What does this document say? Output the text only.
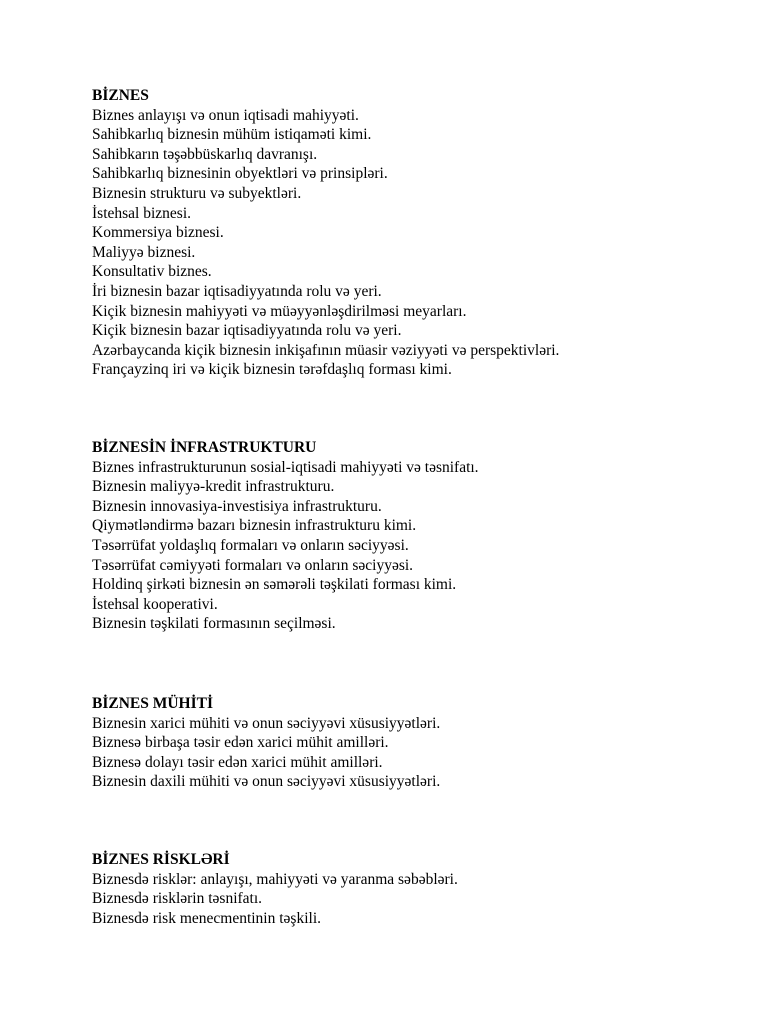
BİZNES
Biznes anlayışı və onun iqtisadi mahiyyəti.
Sahibkarlıq biznesin mühüm istiqaməti kimi.
Sahibkarın təşəbbüskarlıq davranışı.
Sahibkarlıq biznesinin obyektləri və prinsipləri.
Biznesin strukturu və subyektləri.
İstehsal biznesi.
Kommersiya biznesi.
Maliyyə biznesi.
Konsultativ biznes.
İri biznesin bazar iqtisadiyyatında rolu və yeri.
Kiçik biznesin mahiyyəti və müəyyənləşdirilməsi meyarları.
Kiçik biznesin bazar iqtisadiyyatında rolu və yeri.
Azərbaycanda kiçik biznesin inkişafının müasir vəziyyəti və perspektivləri.
Françayzinq iri və kiçik biznesin tərəfdaşlıq forması kimi.
BİZNESİN İNFRASTRUKTURU
Biznes infrastrukturunun sosial-iqtisadi mahiyyəti və təsnifatı.
Biznesin maliyyə-kredit infrastrukturu.
Biznesin innovasiya-investisiya infrastrukturu.
Qiymətləndirmə bazarı biznesin infrastrukturu kimi.
Təsərrüfat yoldaşlıq formaları və onların səciyyəsi.
Təsərrüfat cəmiyyəti formaları və onların səciyyəsi.
Holdinq şirkəti biznesin ən səmərəli təşkilati forması kimi.
İstehsal kooperativi.
Biznesin təşkilati formasının seçilməsi.
BİZNES MÜHİTİ
Biznesin xarici mühiti və onun səciyyəvi xüsusiyyətləri.
Biznesə birbaşa təsir edən xarici mühit amilləri.
Biznesə dolayı təsir edən xarici mühit amilləri.
Biznesin daxili mühiti və onun səciyyəvi xüsusiyyətləri.
BİZNES RİSKLƏRİ
Biznesdə risklər: anlayışı, mahiyyəti və yaranma səbəbləri.
Biznesdə risklərin təsnifatı.
Biznesdə risk menecmentinin təşkili.
